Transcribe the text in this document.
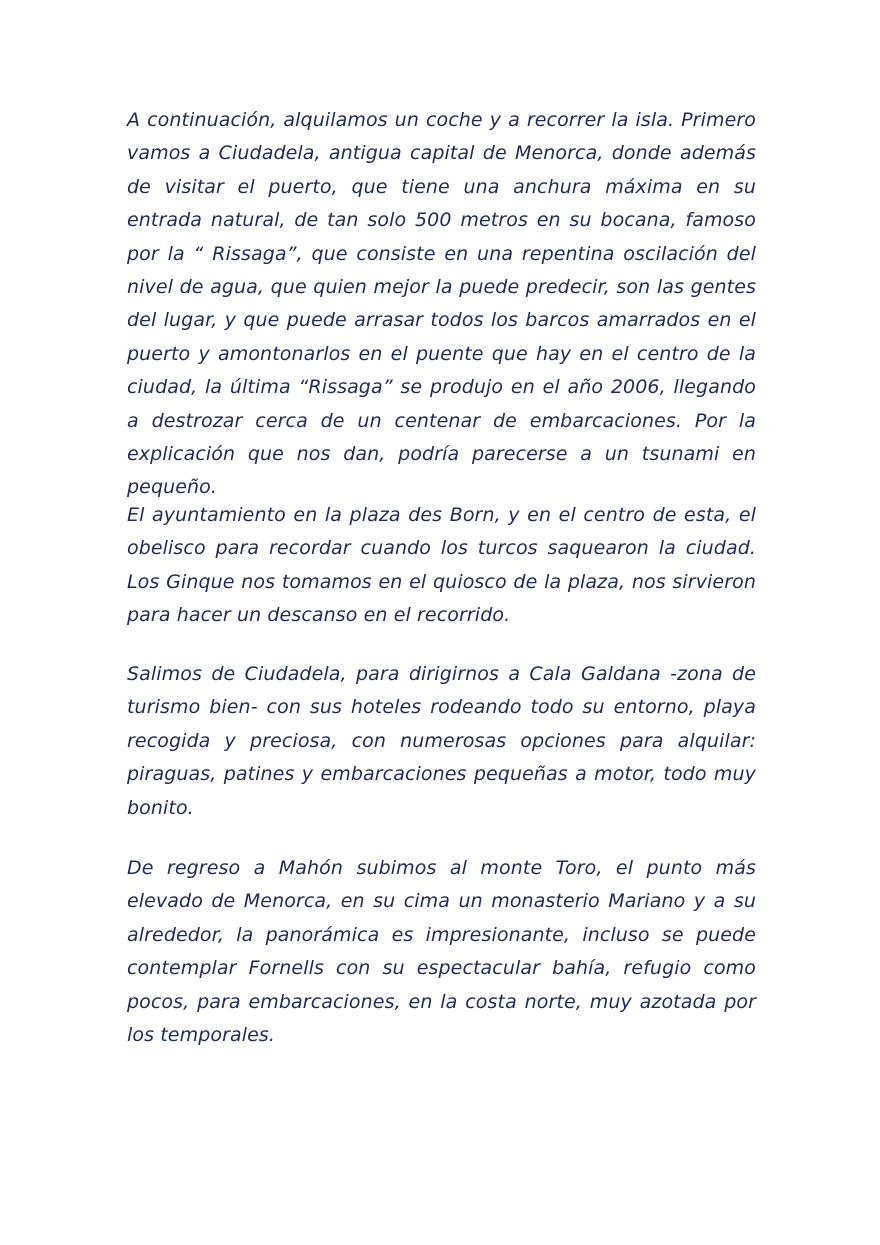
A continuación, alquilamos un coche y a recorrer la isla. Primero vamos a Ciudadela, antigua capital de Menorca, donde además de visitar el puerto, que tiene una anchura máxima en su entrada natural, de tan solo 500 metros en su bocana, famoso por la “ Rissaga”, que consiste en una repentina oscilación del nivel de agua, que quien mejor la puede predecir, son las gentes del lugar, y que puede arrasar todos los barcos amarrados en el puerto y amontonarlos en el puente que hay en el centro de la ciudad, la última “Rissaga” se produjo en el año 2006, llegando a destrozar cerca de un centenar de embarcaciones. Por la explicación que nos dan, podría parecerse a un tsunami en pequeño.

El ayuntamiento en la plaza des Born, y en el centro de esta, el obelisco para recordar cuando los turcos saquearon la ciudad. Los Ginque nos tomamos en el quiosco de la plaza, nos sirvieron para hacer un descanso en el recorrido.

Salimos de Ciudadela, para dirigirnos a Cala Galdana -zona de turismo bien- con sus hoteles rodeando todo su entorno, playa recogida y preciosa, con numerosas opciones para alquilar: piraguas, patines y embarcaciones pequeñas a motor, todo muy bonito.

De regreso a Mahón subimos al monte Toro, el punto más elevado de Menorca, en su cima un monasterio Mariano y a su alrededor, la panorámica es impresionante, incluso se puede contemplar Fornells con su espectacular bahía, refugio como pocos, para embarcaciones, en la costa norte, muy azotada por los temporales.
